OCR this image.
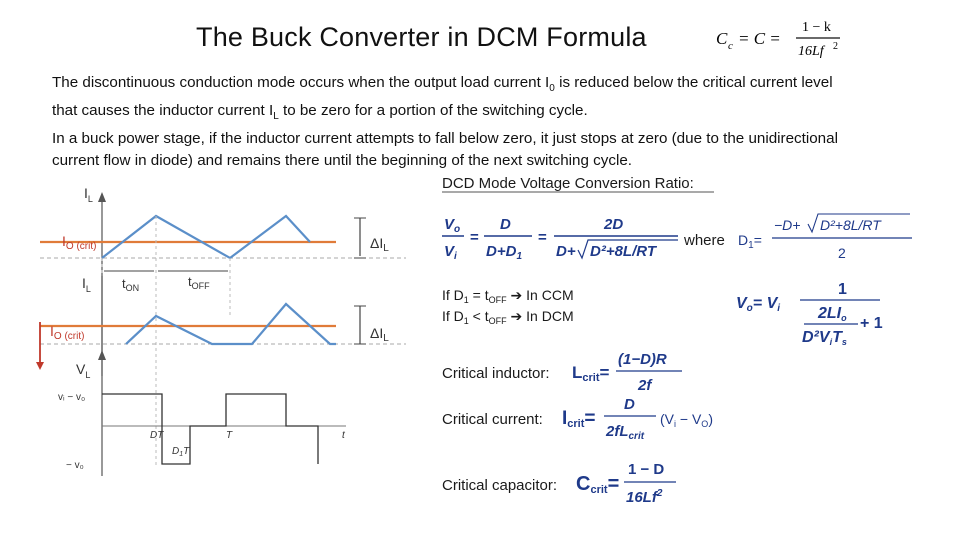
The Buck Converter in DCM Formula	C c = C =
1 − k
16Lf 2
The discontinuous conduction mode occurs when the output load current $I_0$ is reduced below the critical current level
that causes the inductor current $I_L$ to be zero for a portion of the switching cycle.
In a buck power stage, if the inductor current attempts to fall below zero, it just stops at zero (due to the unidirectional
current flow in diode) and remains there until the beginning of the next switching cycle.
$I_L$
$I_{O (crit)}$	$\Delta I_L$
$t_{ON}$	$t_{OFF}$
$I_L$
$I_{O (crit)}$	$\Delta I_L$
$V_L$
vᵢ − v₀
− v₀
DT
$D_1T$
T	t
DCD Mode Voltage Conversion Ratio:
$V_o$
$V_i$
=
D
$D+D_1$
=
2D
D+ D²+8L/RT
where $D_1=$
−D+ D²+8L/RT
2
If $D_1 = t_{OFF}$ ➔ In CCM
If $D_1 < t_{OFF}$ ➔ In DCM
Vo= Vi
1
2LIo
D²ViTs
+ 1
Critical inductor: Lcrit=
(1−D)R
2f
Critical current: Icrit=
D
$2fL_{crit}$
$(V_i - V_O)$
Critical capacitor: Ccrit=
1 − D
16Lf$^2$
